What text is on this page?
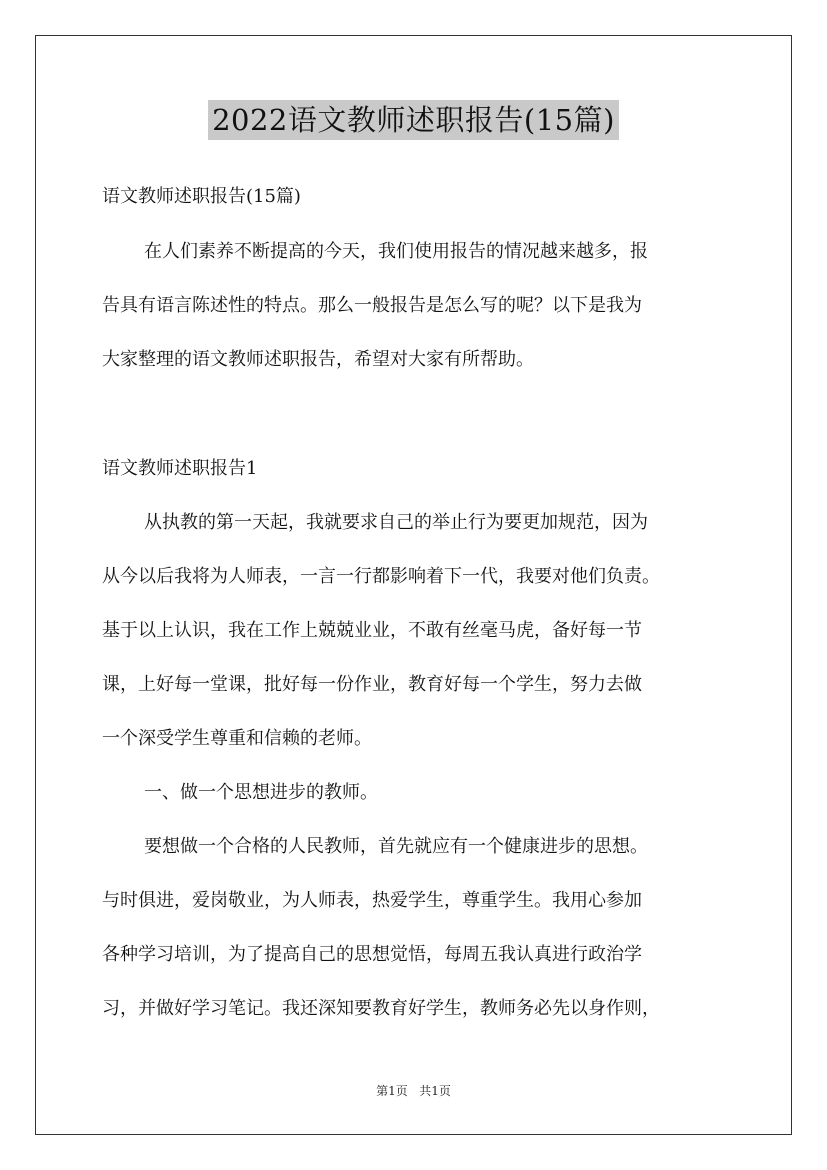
2022语文教师述职报告(15篇)
语文教师述职报告(15篇)
在人们素养不断提高的今天，我们使用报告的情况越来越多，报
告具有语言陈述性的特点。那么一般报告是怎么写的呢？以下是我为
大家整理的语文教师述职报告，希望对大家有所帮助。
语文教师述职报告1
从执教的第一天起，我就要求自己的举止行为要更加规范，因为
从今以后我将为人师表，一言一行都影响着下一代，我要对他们负责。
基于以上认识，我在工作上兢兢业业，不敢有丝毫马虎，备好每一节
课，上好每一堂课，批好每一份作业，教育好每一个学生，努力去做
一个深受学生尊重和信赖的老师。
一、做一个思想进步的教师。
要想做一个合格的人民教师，首先就应有一个健康进步的思想。
与时俱进，爱岗敬业，为人师表，热爱学生，尊重学生。我用心参加
各种学习培训，为了提高自己的思想觉悟，每周五我认真进行政治学
习，并做好学习笔记。我还深知要教育好学生，教师务必先以身作则，
第1页 共1页
